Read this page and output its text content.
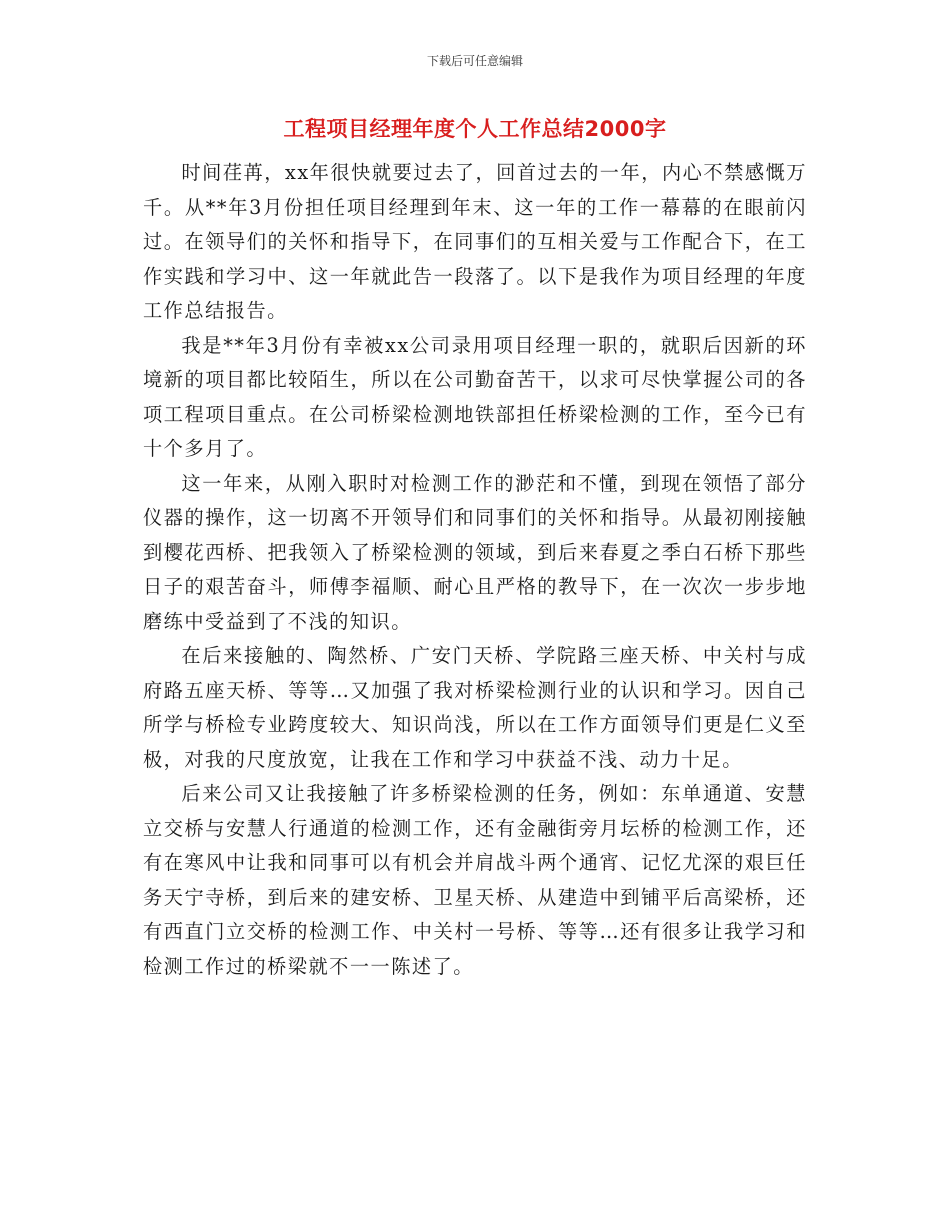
下载后可任意编辑
工程项目经理年度个人工作总结2000字

时间荏苒，xx年很快就要过去了，回首过去的一年，内心不禁感慨万千。从**年3月份担任项目经理到年末、这一年的工作一幕幕的在眼前闪过。在领导们的关怀和指导下，在同事们的互相关爱与工作配合下，在工作实践和学习中、这一年就此告一段落了。以下是我作为项目经理的年度工作总结报告。

我是**年3月份有幸被xx公司录用项目经理一职的，就职后因新的环境新的项目都比较陌生，所以在公司勤奋苦干，以求可尽快掌握公司的各项工程项目重点。在公司桥梁检测地铁部担任桥梁检测的工作，至今已有十个多月了。

这一年来，从刚入职时对检测工作的渺茫和不懂，到现在领悟了部分仪器的操作，这一切离不开领导们和同事们的关怀和指导。从最初刚接触到樱花西桥、把我领入了桥梁检测的领域，到后来春夏之季白石桥下那些日子的艰苦奋斗，师傅李福顺、耐心且严格的教导下，在一次次一步步地磨练中受益到了不浅的知识。

在后来接触的、陶然桥、广安门天桥、学院路三座天桥、中关村与成府路五座天桥、等等…又加强了我对桥梁检测行业的认识和学习。因自己所学与桥检专业跨度较大、知识尚浅，所以在工作方面领导们更是仁义至极，对我的尺度放宽，让我在工作和学习中获益不浅、动力十足。

后来公司又让我接触了许多桥梁检测的任务，例如：东单通道、安慧立交桥与安慧人行通道的检测工作，还有金融街旁月坛桥的检测工作，还有在寒风中让我和同事可以有机会并肩战斗两个通宵、记忆尤深的艰巨任务天宁寺桥，到后来的建安桥、卫星天桥、从建造中到铺平后高梁桥，还有西直门立交桥的检测工作、中关村一号桥、等等…还有很多让我学习和检测工作过的桥梁就不一一陈述了。
